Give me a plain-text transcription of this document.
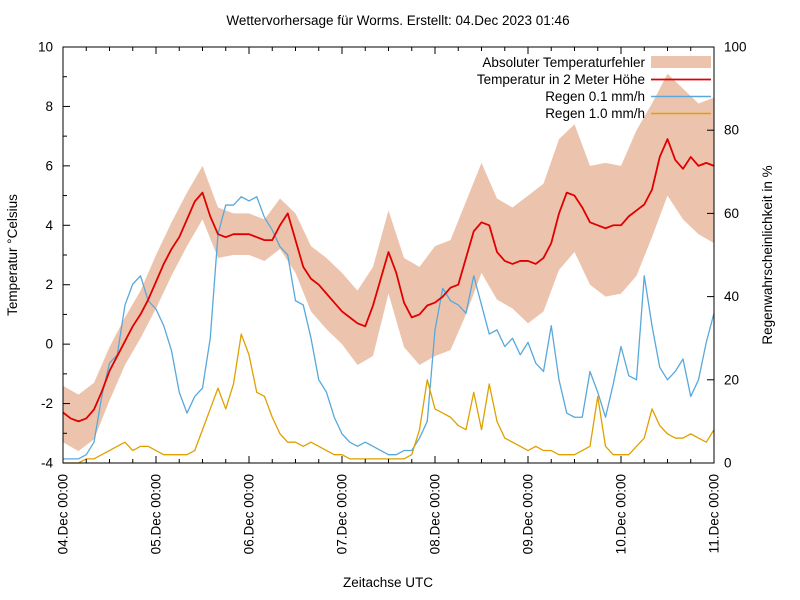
Wettervorhersage für Worms. Erstellt: 04.Dec 2023 01:46
Temperatur °Celsius	Regenwahrscheinlichkeit in %
Zeitachse UTC
-4
-2
0
2
4
6
8
10
0
20
40
60
80
100
04.Dec 00:00	05.Dec 00:00	06.Dec 00:00	07.Dec 00:00	08.Dec 00:00	09.Dec 00:00	10.Dec 00:00	11.Dec 00:00
Absoluter Temperaturfehler
Temperatur in 2 Meter Höhe
Regen 0.1 mm/h
Regen 1.0 mm/h
